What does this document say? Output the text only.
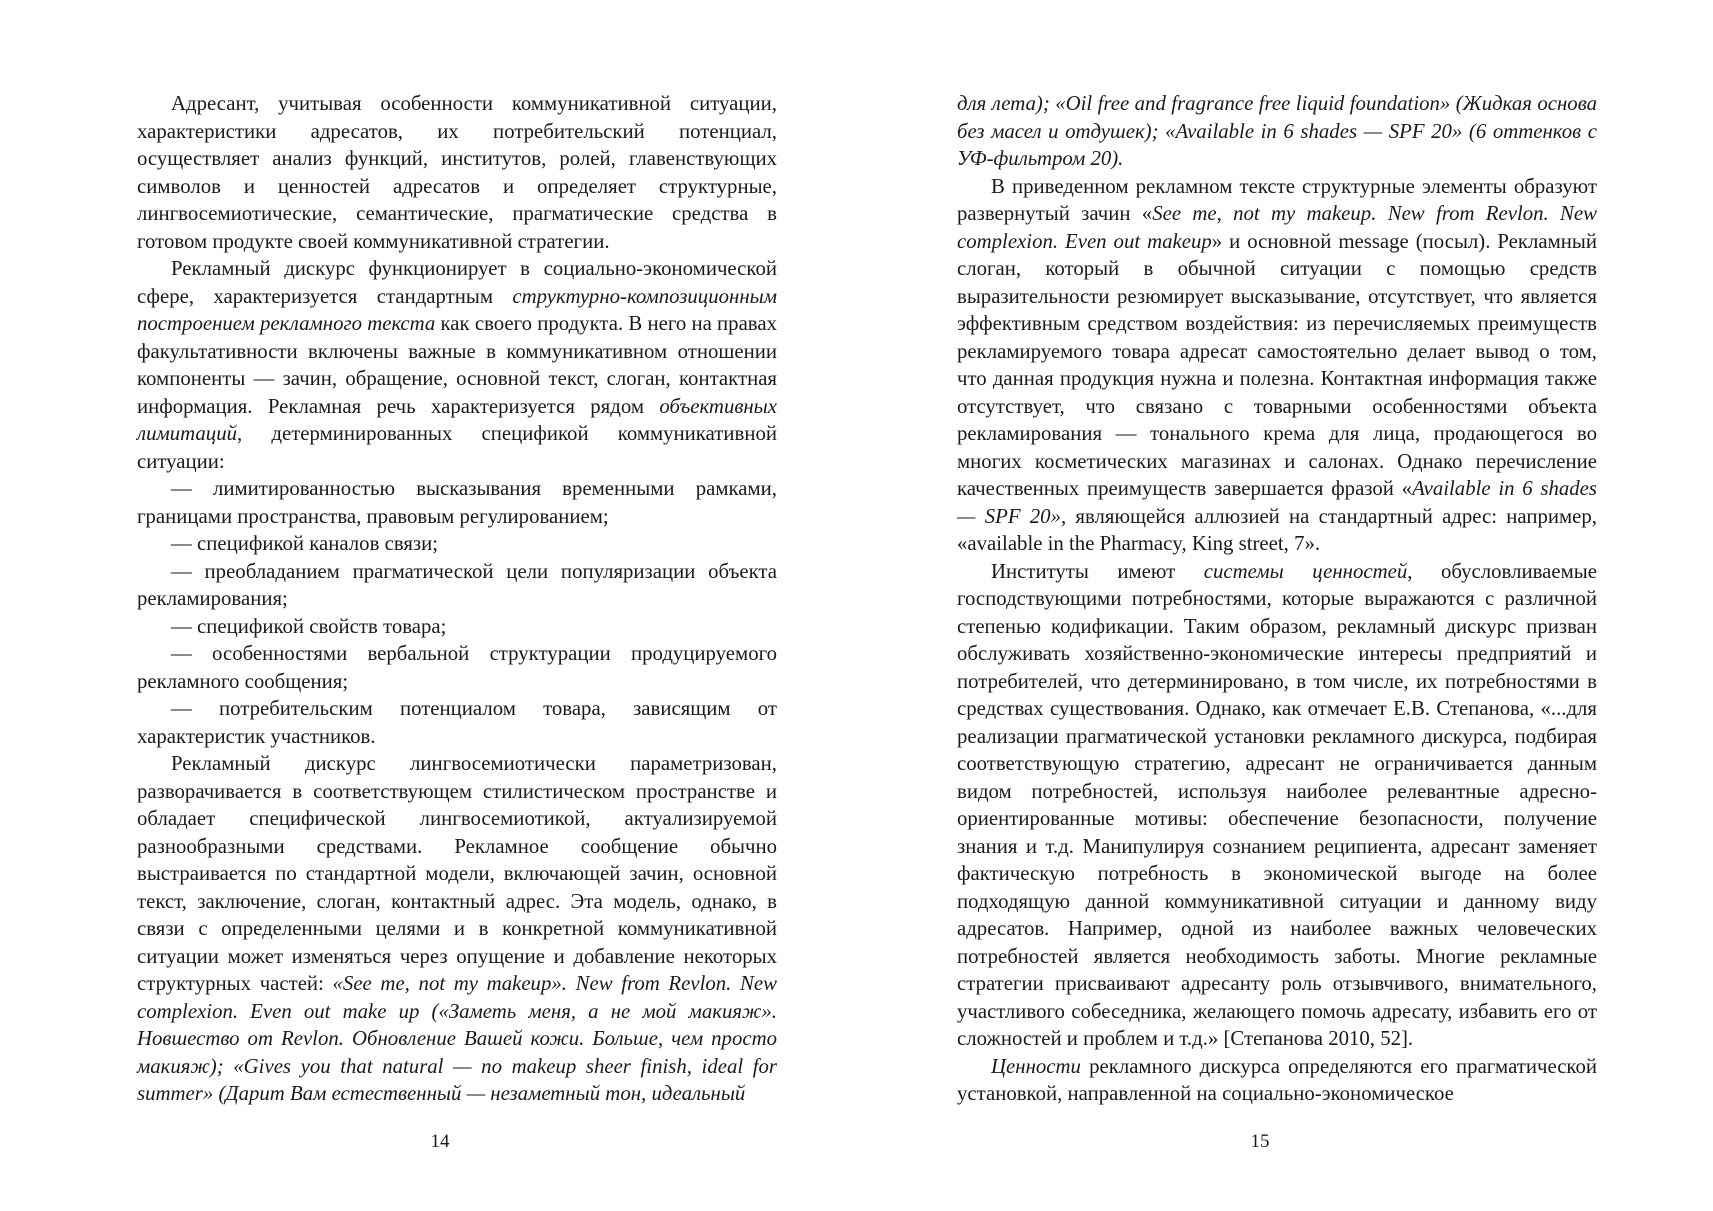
Адресант, учитывая особенности коммуникативной ситуации, характеристики адресатов, их потребительский потенциал, осуществляет анализ функций, институтов, ролей, главенствующих символов и ценностей адресатов и определяет структурные, лингвосемиотические, семантические, прагматические средства в готовом продукте своей коммуникативной стратегии.

Рекламный дискурс функционирует в социально-экономической сфере, характеризуется стандартным структурно-композиционным построением рекламного текста как своего продукта. В него на правах факультативности включены важные в коммуникативном отношении компоненты — зачин, обращение, основной текст, слоган, контактная информация. Рекламная речь характеризуется рядом объективных лимитаций, детерминированных спецификой коммуникативной ситуации:

— лимитированностью высказывания временными рамками, границами пространства, правовым регулированием;

— спецификой каналов связи;

— преобладанием прагматической цели популяризации объекта рекламирования;

— спецификой свойств товара;

— особенностями вербальной структурации продуцируемого рекламного сообщения;

— потребительским потенциалом товара, зависящим от характеристик участников.

Рекламный дискурс лингвосемиотически параметризован, разворачивается в соответствующем стилистическом пространстве и обладает специфической лингвосемиотикой, актуализируемой разнообразными средствами. Рекламное сообщение обычно выстраивается по стандартной модели, включающей зачин, основной текст, заключение, слоган, контактный адрес. Эта модель, однако, в связи с определенными целями и в конкретной коммуникативной ситуации может изменяться через опущение и добавление некоторых структурных частей: «See me, not my makeup». New from Revlon. New complexion. Even out make up («Заметь меня, а не мой макияж». Новшество от Revlon. Обновление Вашей кожи. Больше, чем просто макияж); «Gives you that natural — no makeup sheer finish, ideal for summer» (Дарит Вам естественный — незаметный тон, идеальный

для лета); «Oil free and fragrance free liquid foundation» (Жидкая основа без масел и отдушек); «Available in 6 shades — SPF 20» (6 оттенков с УФ-фильтром 20).

В приведенном рекламном тексте структурные элементы образуют развернутый зачин «See me, not my makeup. New from Revlon. New complexion. Even out makeup» и основной message (посыл). Рекламный слоган, который в обычной ситуации с помощью средств выразительности резюмирует высказывание, отсутствует, что является эффективным средством воздействия: из перечисляемых преимуществ рекламируемого товара адресат самостоятельно делает вывод о том, что данная продукция нужна и полезна. Контактная информация также отсутствует, что связано с товарными особенностями объекта рекламирования — тонального крема для лица, продающегося во многих косметических магазинах и салонах. Однако перечисление качественных преимуществ завершается фразой «Available in 6 shades — SPF 20», являющейся аллюзией на стандартный адрес: например, «available in the Pharmacy, King street, 7».

Институты имеют системы ценностей, обусловливаемые господствующими потребностями, которые выражаются с различной степенью кодификации. Таким образом, рекламный дискурс призван обслуживать хозяйственно-экономические интересы предприятий и потребителей, что детерминировано, в том числе, их потребностями в средствах существования. Однако, как отмечает Е.В. Степанова, «...для реализации прагматической установки рекламного дискурса, подбирая соответствующую стратегию, адресант не ограничивается данным видом потребностей, используя наиболее релевантные адресно-ориентированные мотивы: обеспечение безопасности, получение знания и т.д. Манипулируя сознанием реципиента, адресант заменяет фактическую потребность в экономической выгоде на более подходящую данной коммуникативной ситуации и данному виду адресатов. Например, одной из наиболее важных человеческих потребностей является необходимость заботы. Многие рекламные стратегии присваивают адресанту роль отзывчивого, внимательного, участливого собеседника, желающего помочь адресату, избавить его от сложностей и проблем и т.д.» [Степанова 2010, 52].

Ценности рекламного дискурса определяются его прагматической установкой, направленной на социально-экономическое

14	15
